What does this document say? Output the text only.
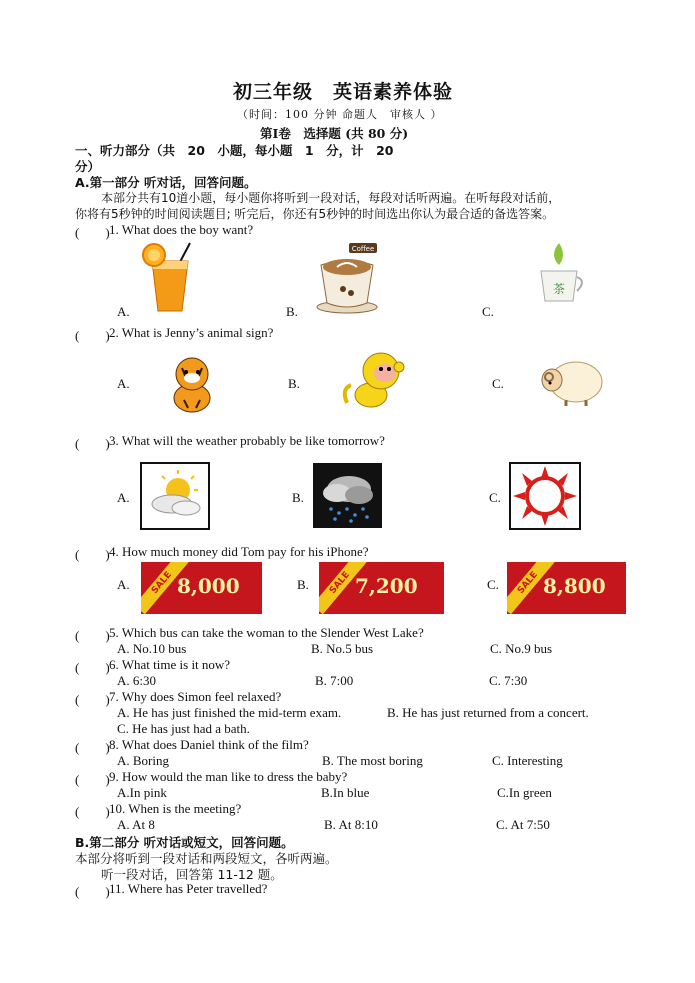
初三年级　英语素养体验
（时间：100 分钟 命题人　审核人 ）
第Ⅰ卷　选择题 (共 80 分)
一、听力部分（共　20　小题，每小题　1　分，计　20
分）
A.第一部分 听对话，回答问题。
本部分共有10道小题，每小题你将听到一段对话，每段对话听两遍。在听每段对话前，
你将有5秒钟的时间阅读题目; 听完后，你还有5秒钟的时间选出你认为最合适的备选答案。
(　　) 1. What does the boy want?
Coffee
茶
A.	B.	C.
(　　) 2. What is Jenny’s animal sign?
A.	B.	C.
(　　) 3. What will the weather probably be like tomorrow?
A.	B.	C.
(　　) 4. How much money did Tom pay for his iPhone?
SALE 8,000	SALE 7,200	SALE 8,800
A.	B.	C.
(　　) 5. Which bus can take the woman to the Slender West Lake?
A. No.10 bus	B. No.5 bus	C. No.9 bus
(　　) 6. What time is it now?
A. 6:30	B. 7:00	C. 7:30
(　　) 7. Why does Simon feel relaxed?
A. He has just finished the mid-term exam.	B. He has just returned from a concert.
C. He has just had a bath.
(　　) 8. What does Daniel think of the film?
A. Boring	B. The most boring	C. Interesting
(　　) 9. How would the man like to dress the baby?
A.In pink	B.In blue	C.In green
(　　) 10. When is the meeting?
A. At 8	B. At 8:10	C. At 7:50
B.第二部分 听对话或短文，回答问题。
本部分将听到一段对话和两段短文，各听两遍。
听一段对话，回答第 11-12 题。
(　　) 11. Where has Peter travelled?
